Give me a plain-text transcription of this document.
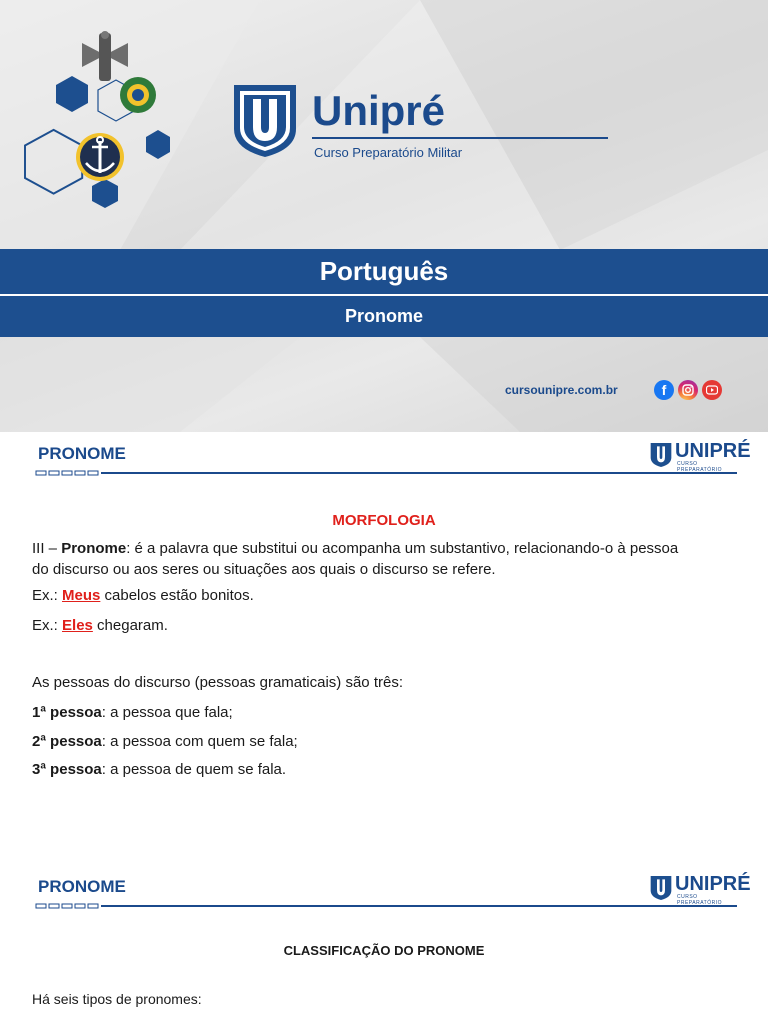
Unipré
Curso Preparatório Militar
Português
Pronome
cursounipre.com.br	f
PRONOME	UNIPRÉ
CURSO PREPARATÓRIO
MORFOLOGIA
III – Pronome: é a palavra que substitui ou acompanha um substantivo, relacionando-o à pessoa
do discurso ou aos seres ou situações aos quais o discurso se refere.
Ex.: Meus cabelos estão bonitos.
Ex.: Eles chegaram.
As pessoas do discurso (pessoas gramaticais) são três:
1ª pessoa: a pessoa que fala;
2ª pessoa: a pessoa com quem se fala;
3ª pessoa: a pessoa de quem se fala.
PRONOME	UNIPRÉ
CURSO PREPARATÓRIO
CLASSIFICAÇÃO DO PRONOME
Há seis tipos de pronomes:
